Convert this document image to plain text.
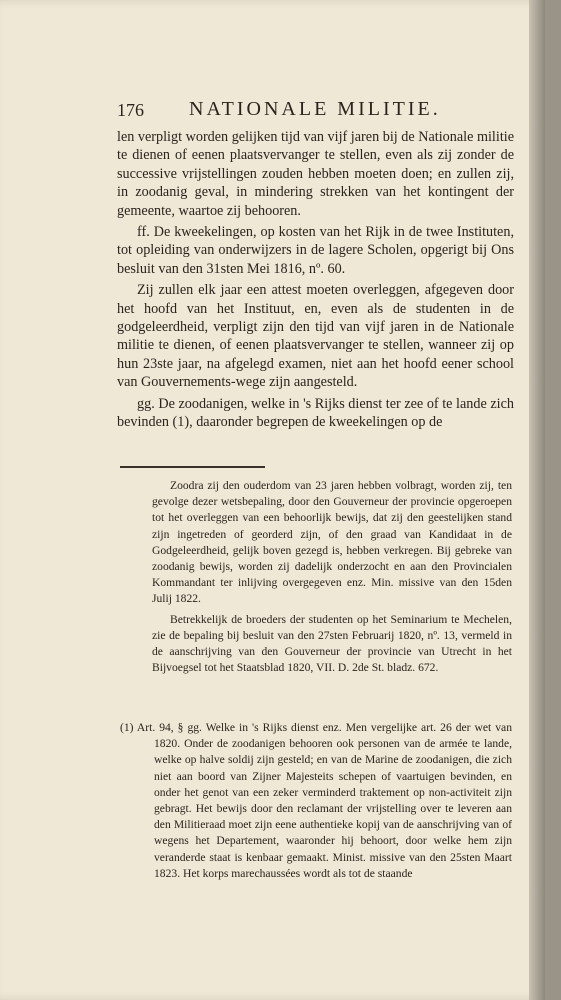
176 NATIONALE MILITIE.

len verpligt worden gelijken tijd van vijf jaren bij de Nationale militie te dienen of eenen plaatsvervanger te stellen, even als zij zonder de successive vrijstellingen zouden hebben moeten doen; en zullen zij, in zoodanig geval, in mindering strekken van het kontingent der gemeente, waartoe zij behooren.

ff. De kweekelingen, op kosten van het Rijk in de twee Instituten, tot opleiding van onderwijzers in de lagere Scholen, opgerigt bij Ons besluit van den 31sten Mei 1816, nº. 60.

Zij zullen elk jaar een attest moeten overleggen, afgegeven door het hoofd van het Instituut, en, even als de studenten in de godgeleerdheid, verpligt zijn den tijd van vijf jaren in de Nationale militie te dienen, of eenen plaatsvervanger te stellen, wanneer zij op hun 23ste jaar, na afgelegd examen, niet aan het hoofd eener school van Gouvernements-wege zijn aangesteld.

gg. De zoodanigen, welke in 's Rijks dienst ter zee of te lande zich bevinden (1), daaronder begrepen de kweekelingen op de

Zoodra zij den ouderdom van 23 jaren hebben volbragt, worden zij, ten gevolge dezer wetsbepaling, door den Gouverneur der provincie opgeroepen tot het overleggen van een behoorlijk bewijs, dat zij den geestelijken stand zijn ingetreden of georderd zijn, of den graad van Kandidaat in de Godgeleerdheid, gelijk boven gezegd is, hebben verkregen. Bij gebreke van zoodanig bewijs, worden zij dadelijk onderzocht en aan den Provincialen Kommandant ter inlijving overgegeven enz. Min. missive van den 15den Julij 1822.

Betrekkelijk de broeders der studenten op het Seminarium te Mechelen, zie de bepaling bij besluit van den 27sten Februarij 1820, nº. 13, vermeld in de aanschrijving van den Gouverneur der provincie van Utrecht in het Bijvoegsel tot het Staatsblad 1820, VII. D. 2de St. bladz. 672.

(1) Art. 94, § gg. Welke in 's Rijks dienst enz. Men vergelijke art. 26 der wet van 1820. Onder de zoodanigen behooren ook personen van de armée te lande, welke op halve soldij zijn gesteld; en van de Marine de zoodanigen, die zich niet aan boord van Zijner Majesteits schepen of vaartuigen bevinden, en onder het genot van een zeker verminderd traktement op non-activiteit zijn gebragt. Het bewijs door den reclamant der vrijstelling over te leveren aan den Militieraad moet zijn eene authentieke kopij van de aanschrijving van of wegens het Departement, waaronder hij behoort, door welke hem zijn veranderde staat is kenbaar gemaakt. Minist. missive van den 25sten Maart 1823. Het korps marechaussées wordt als tot de staande
